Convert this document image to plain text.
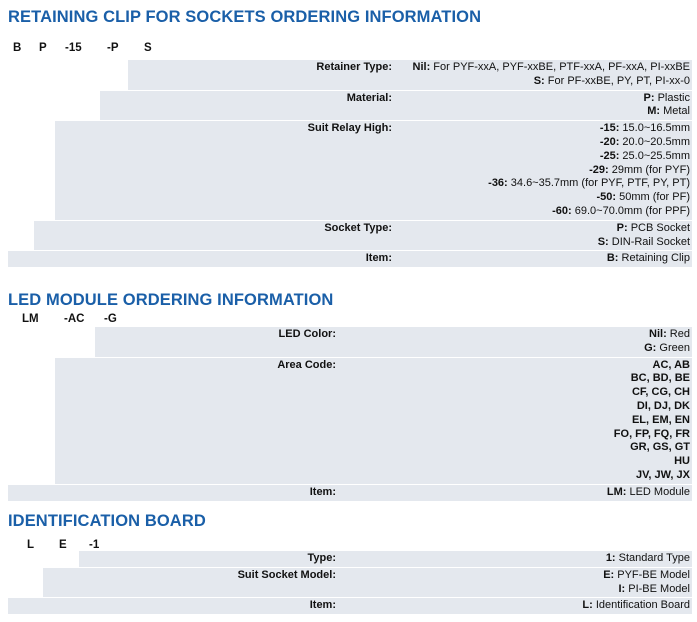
RETAINING CLIP FOR SOCKETS ORDERING INFORMATION
B P -15 -P S
Retainer Type: Nil: For PYF-xxA, PYF-xxBE, PTF-xxA, PF-xxA, PI-xxBE
S: For PF-xxBE, PY, PT, PI-xx-0
Material:	P: Plastic
M: Metal
Suit Relay High:	-15: 15.0~16.5mm
-20: 20.0~20.5mm
-25: 25.0~25.5mm
-29: 29mm (for PYF)
-36: 34.6~35.7mm (for PYF, PTF, PY, PT)
-50: 50mm (for PF)
-60: 69.0~70.0mm (for PPF)
Socket Type:	P: PCB Socket
S: DIN-Rail Socket
Item:	B: Retaining Clip
LED MODULE ORDERING INFORMATION
LM -AC -G
LED Color:	Nil: Red
G: Green
Area Code:	AC, AB
BC, BD, BE
CF, CG, CH
DI, DJ, DK
EL, EM, EN
FO, FP, FQ, FR
GR, GS, GT
HU
JV, JW, JX
Item:	LM: LED Module
IDENTIFICATION BOARD
L E -1
Type:	1: Standard Type
Suit Socket Model:	E: PYF-BE Model
I: PI-BE Model
Item:	L: Identification Board
